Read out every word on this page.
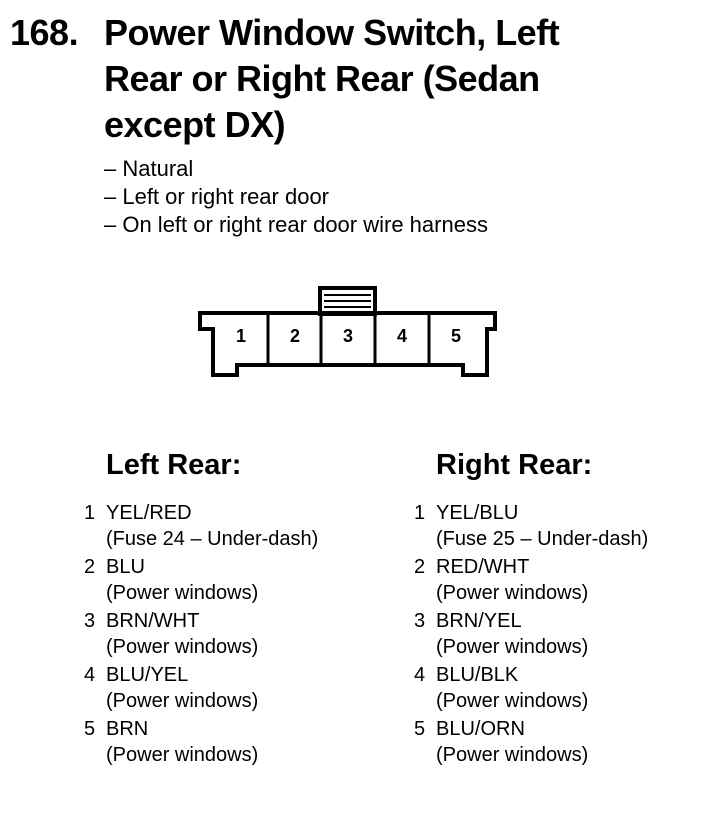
168. Power Window Switch, Left
Rear or Right Rear (Sedan
except DX)
– Natural
– Left or right rear door
– On left or right rear door wire harness
1 2 3 4 5
Left Rear:
1 YEL/RED
(Fuse 24 – Under-dash)
2 BLU
(Power windows)
3 BRN/WHT
(Power windows)
4 BLU/YEL
(Power windows)
5 BRN
(Power windows)
Right Rear:
1 YEL/BLU
(Fuse 25 – Under-dash)
2 RED/WHT
(Power windows)
3 BRN/YEL
(Power windows)
4 BLU/BLK
(Power windows)
5 BLU/ORN
(Power windows)
